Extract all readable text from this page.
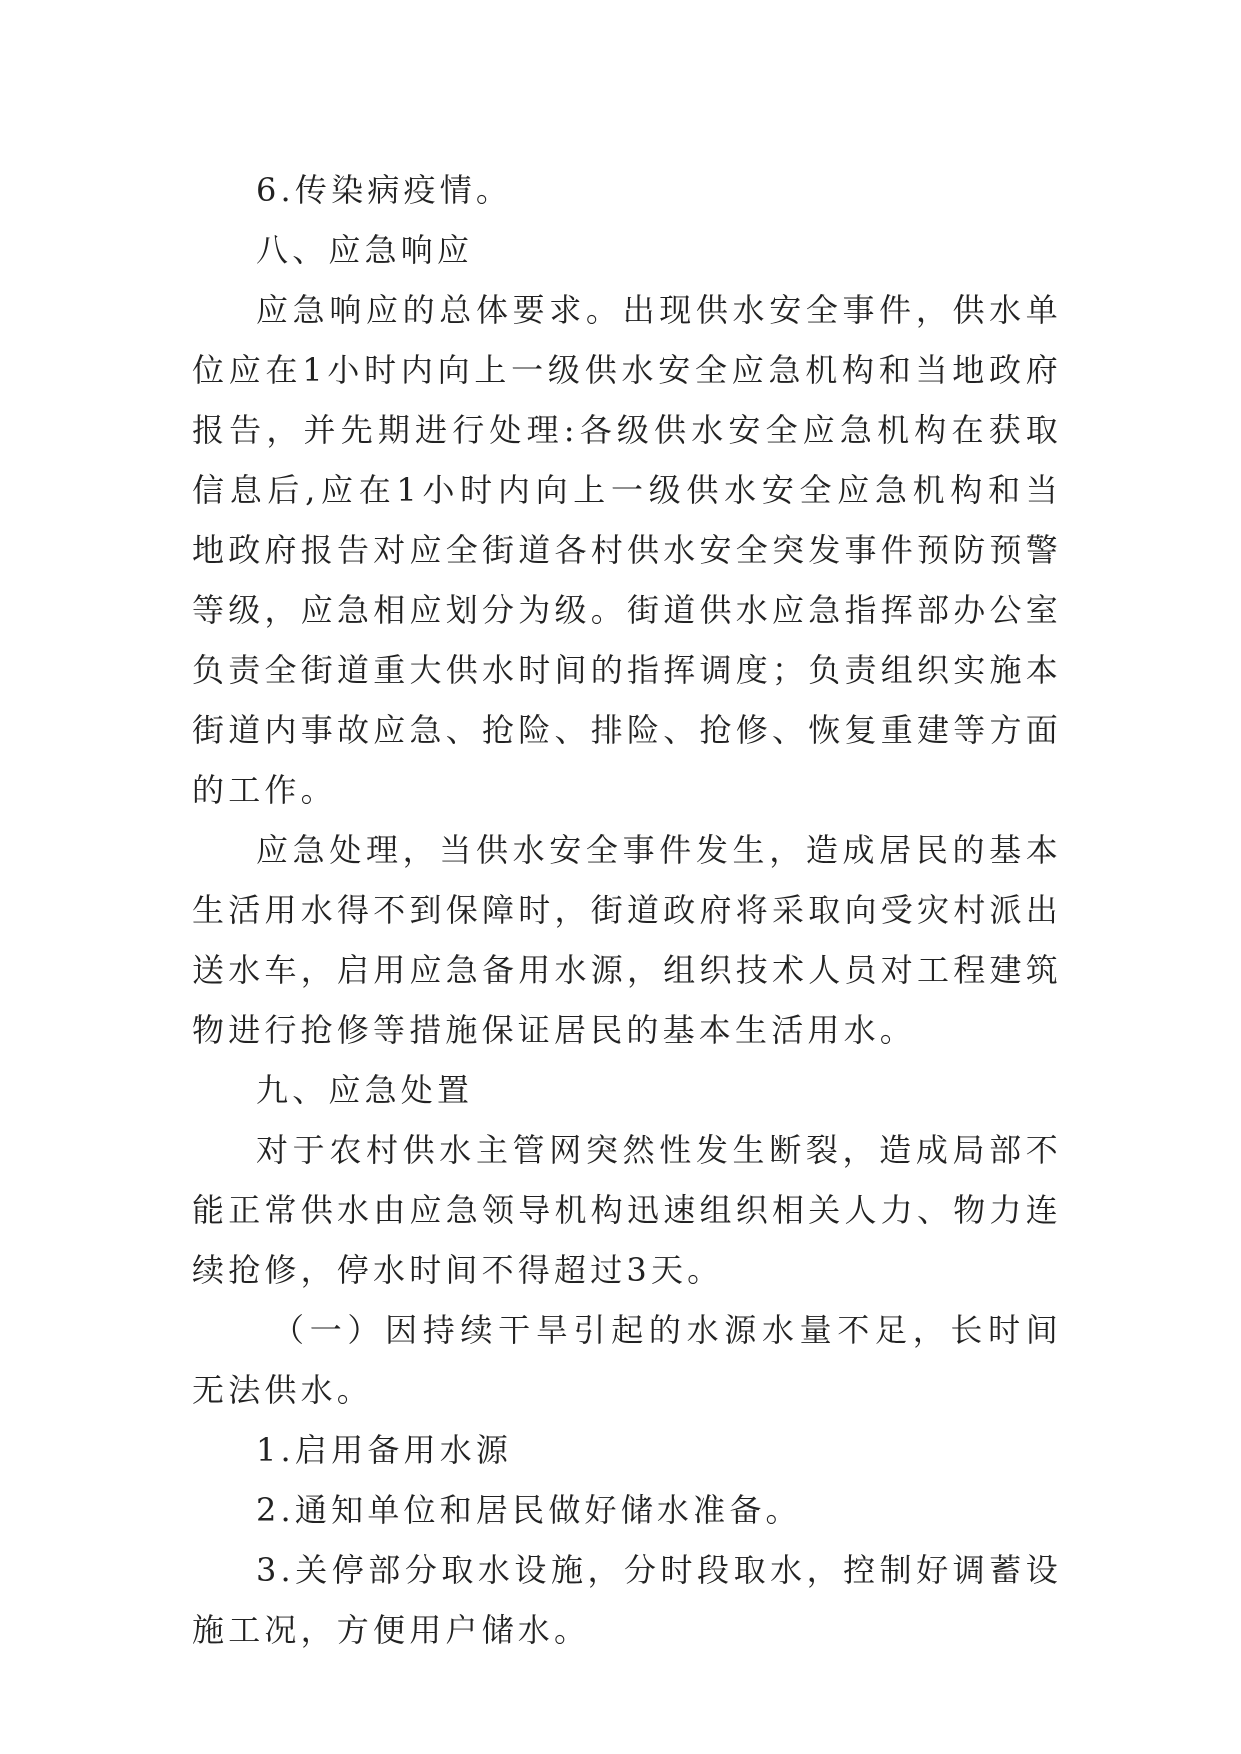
6.传染病疫情。

八、应急响应

应急响应的总体要求。出现供水安全事件，供水单位应在1小时内向上一级供水安全应急机构和当地政府报告，并先期进行处理:各级供水安全应急机构在获取信息后,应在1小时内向上一级供水安全应急机构和当地政府报告对应全街道各村供水安全突发事件预防预警等级，应急相应划分为级。街道供水应急指挥部办公室负责全街道重大供水时间的指挥调度；负责组织实施本街道内事故应急、抢险、排险、抢修、恢复重建等方面的工作。

应急处理，当供水安全事件发生，造成居民的基本生活用水得不到保障时，街道政府将采取向受灾村派出送水车，启用应急备用水源，组织技术人员对工程建筑物进行抢修等措施保证居民的基本生活用水。

九、应急处置

对于农村供水主管网突然性发生断裂，造成局部不能正常供水由应急领导机构迅速组织相关人力、物力连续抢修，停水时间不得超过3天。

（一）因持续干旱引起的水源水量不足，长时间无法供水。

1.启用备用水源

2.通知单位和居民做好储水准备。

3.关停部分取水设施，分时段取水，控制好调蓄设施工况，方便用户储水。
